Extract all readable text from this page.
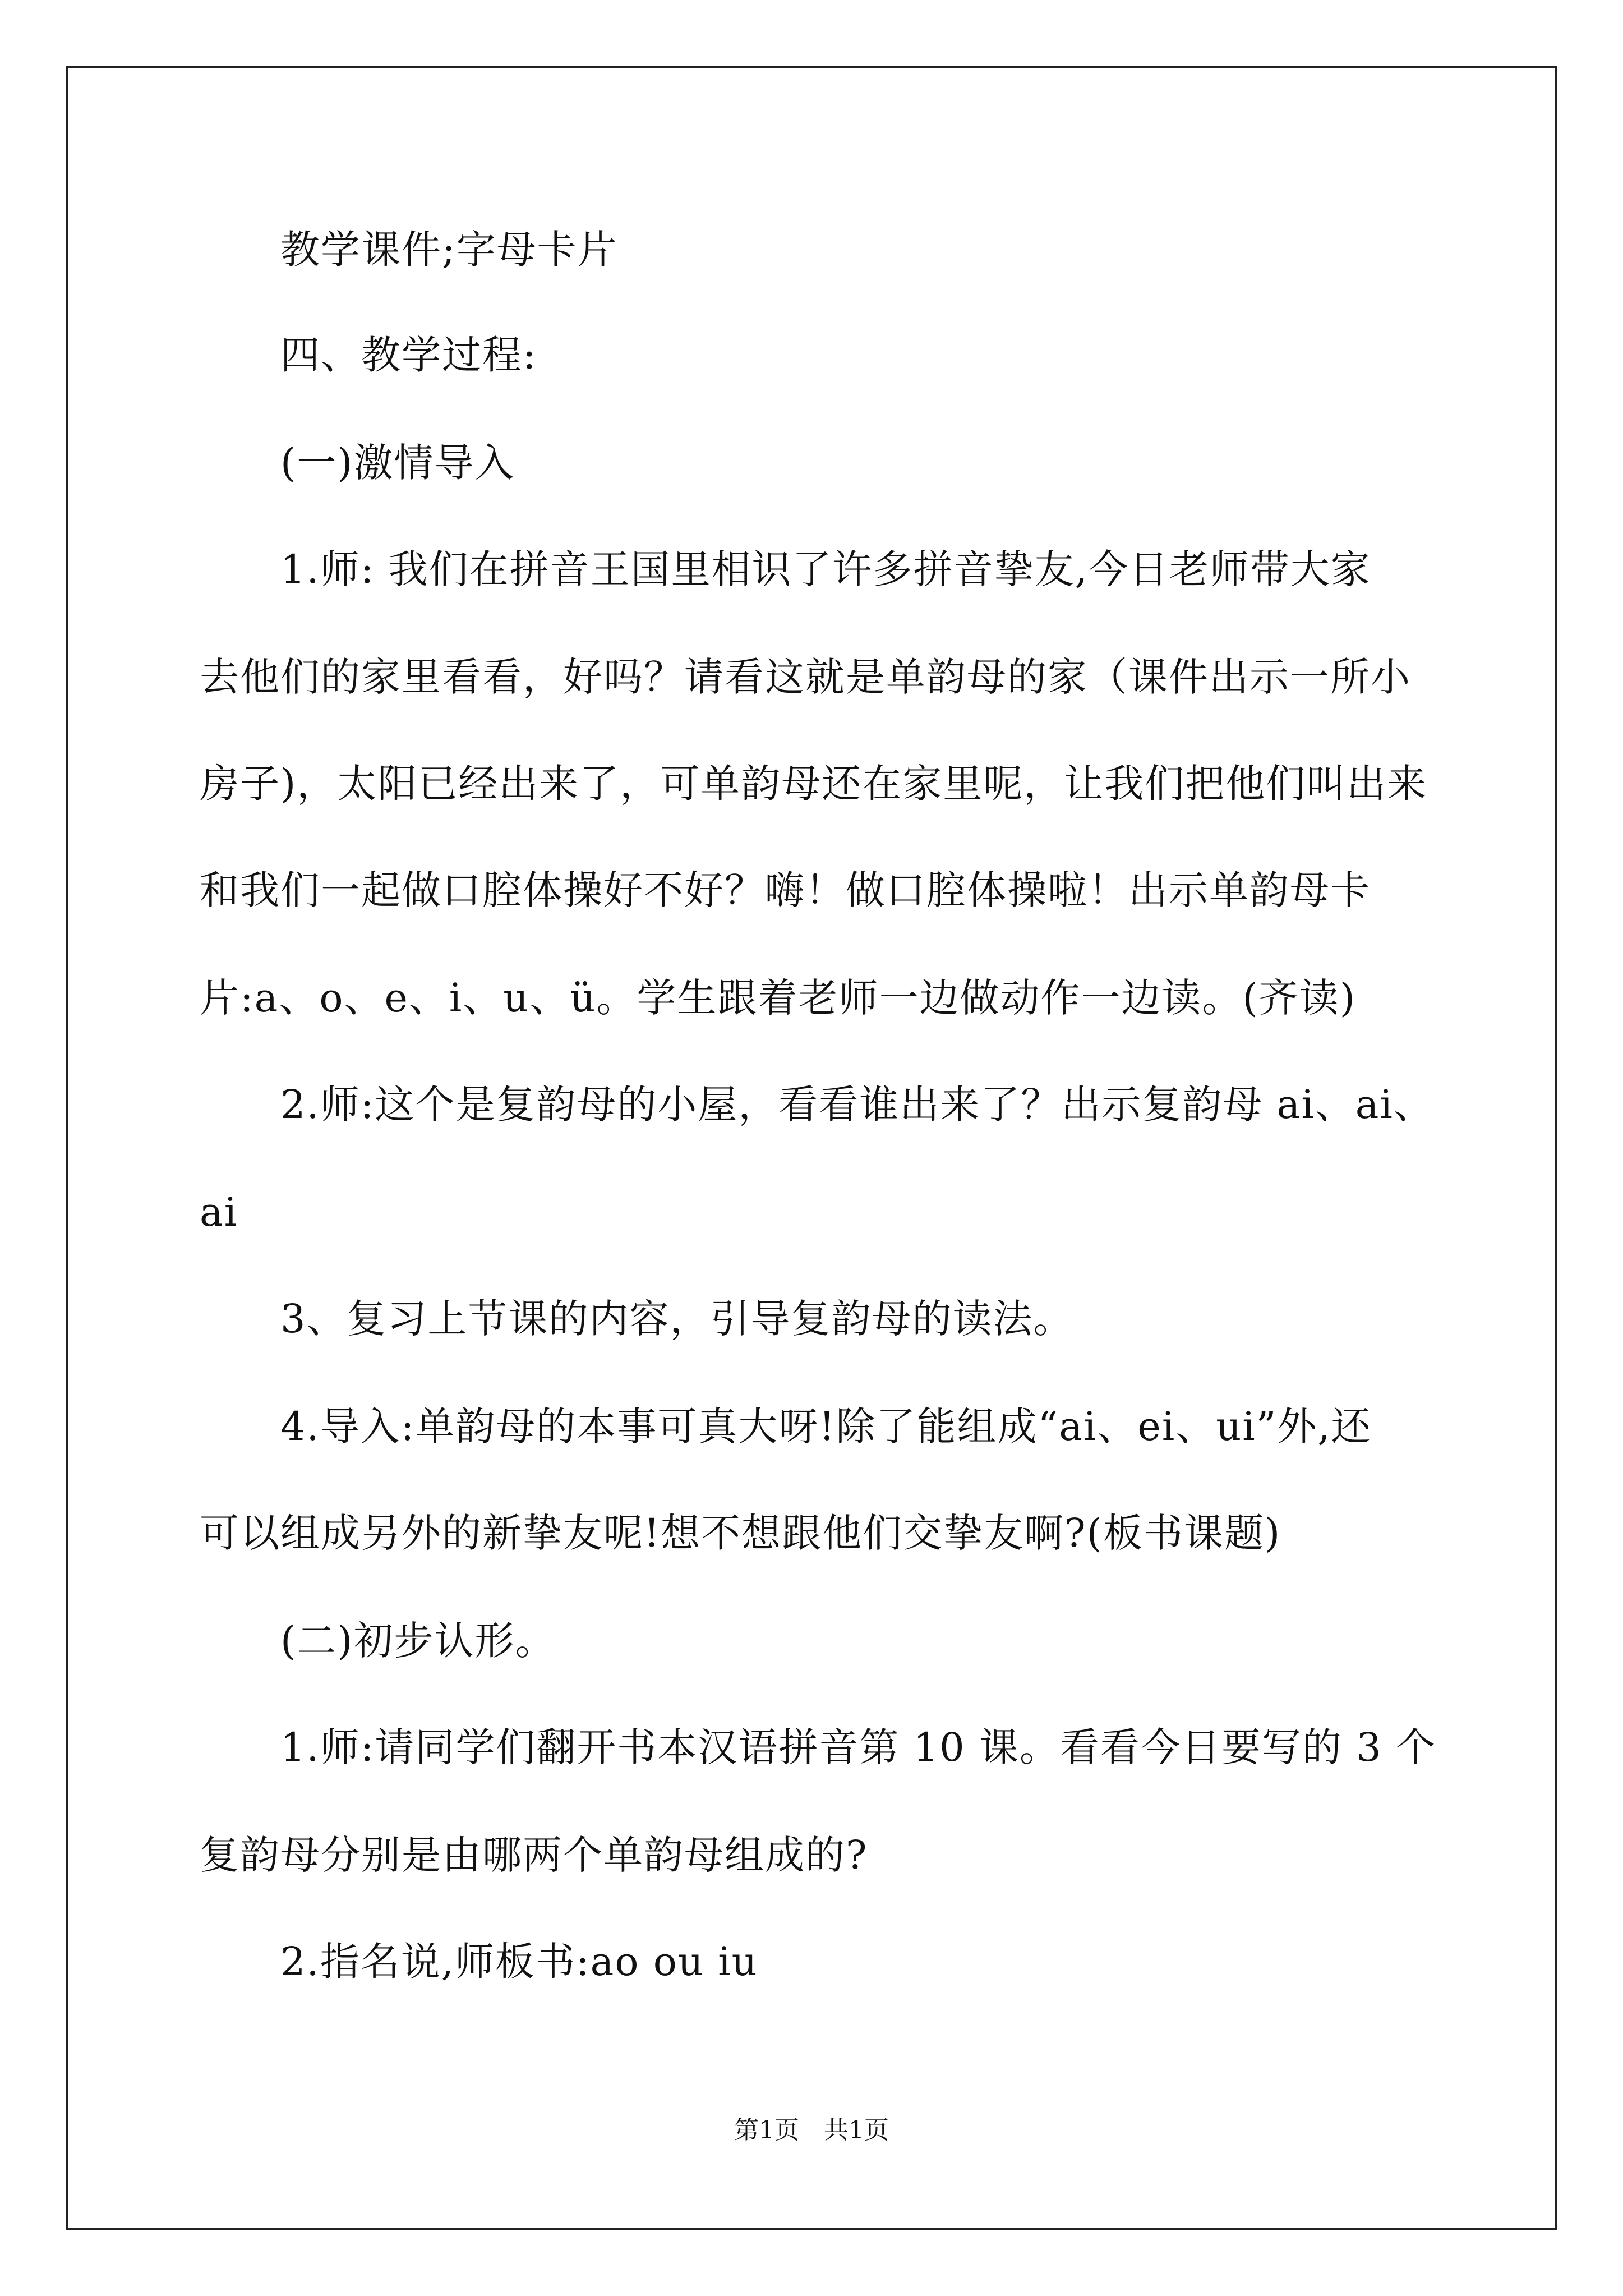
教学课件;字母卡片
四、教学过程:
(一)激情导入
1.师: 我们在拼音王国里相识了许多拼音挚友,今日老师带大家
去他们的家里看看，好吗？请看这就是单韵母的家（课件出示一所小
房子)，太阳已经出来了，可单韵母还在家里呢，让我们把他们叫出来
和我们一起做口腔体操好不好？嗨！做口腔体操啦！出示单韵母卡
片:a、o、e、i、u、ü。学生跟着老师一边做动作一边读。(齐读)
2.师:这个是复韵母的小屋，看看谁出来了？出示复韵母 ai、ai、
ai
3、复习上节课的内容，引导复韵母的读法。
4.导入:单韵母的本事可真大呀!除了能组成“ai、ei、ui”外,还
可以组成另外的新挚友呢!想不想跟他们交挚友啊?(板书课题)
(二)初步认形。
1.师:请同学们翻开书本汉语拼音第 10 课。看看今日要写的 3 个
复韵母分别是由哪两个单韵母组成的?
2.指名说,师板书:ao ou iu
第1页　共1页
